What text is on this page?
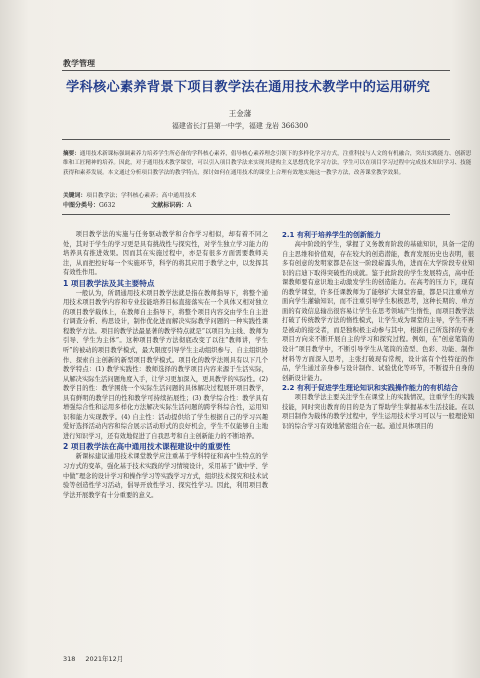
教学管理
学科核心素养背景下项目教学法在通用技术教学中的运用研究
王金藩
福建省长汀县第一中学，福建 龙岩 366300
摘要：通用技术新课标强调素养力培养学生所必备的学科核心素养，倡导核心素养理念引领下的多样化学习方式，注重科技与人文的有机融合，突出实践能力、创新思维和工匠精神的培养。因此，对于通用技术教学课堂，可以引入项目教学法来实现其建构主义思想优化学习方法，学生可以在项目学习过程中完成技术知识学习、技能获得和素养发展。本文通过分析项目教学法的教学特点，探讨如何在通用技术的课堂上合理有效地实施这一教学方法，改善课堂教学效果。
关键词：项目教学法；学科核心素养；高中通用技术
中图分类号：G632	文献标识码：A

项目教学法的实施与任务驱动教学和合作学习相似，却有着不同之处，其对于学生的学习更是具有挑战性与探究性，对学生独立学习能力的培养具有推进效果。因而其在实施过程中，亦是有很多方面需要教师关注，从而把控好每一个实施环节，科学的将其应用于教学之中，以发挥其有效性作用。

1 项目教学法及其主要特点

一般认为，所谓通用技术项目教学法就是指在教师指导下，将整个通用技术项目教学内容和专业技能培养目标直接落实在一个具体又相对独立的项目教学载体上，在教师自主指导下，将整个项目内容交由学生自主进行调查分析、构思设计，制作优化进而解决实际教学问题的一种实践性课程教学方法。项目的教学法最显著的教学特点就是“以项目为主线、教师为引导、学生为主体”。这种项目教学方法彻底改变了以往“教师讲，学生听”的被动的项目教学模式，最大限度引导学生主动组织参与、自主组织协作、探索自主创新的新型项目教学模式。项目化的教学法则具有以下几个教学特点：(1) 教学实践性：教师选择的教学项目内容来源于生活实际，从解决实际生活问题角度入手，让学习更加深入，更具教学的实际性。(2) 教学目的性：教学围绕一个实际生活问题的具体解决过程展开项目教学，具有鲜明的教学目的性和教学可持续拓展性；(3) 教学综合性：教学具有增强综合性和运用多样化方法解决实际生活问题的跨学科综合性，运用知识和能力实现教学。(4) 自主性：活动提供给了学生根据自己的学习兴趣爱好选择活动内容和综合展示活动形式的良好机会，学生不仅能够自主地进行知识学习，还有效地促进了自我思考和自主创新能力的不断培养。

2 项目教学法在高中通用技术课程建设中的重要性

新课标建议通用技术课堂教学应注重基于学科特征和高中生特点的学习方式的变革，强化基于技术实践的学习情境设计，采用基于“做中学、学中做”理念的设计学习和操作学习等实践学习方式，组织技术探究和技术试验等创造性学习活动，倡导开放性学习、探究性学习。因此，利用项目教学法开展教学有十分重要的意义。

2.1 有利于培养学生的创新能力

高中阶段的学生，掌握了义务教育阶段的基础知识，具备一定的自主思维和价值观，存在较大的创造潜能，教育发展历史也表明，很多有创意的发明家都是在这一阶段崭露头角，进而在大学阶段专业知识的启迪下取得突破性的成就。鉴于此阶段的学生发展特点，高中任课教师要有意识地主动激发学生的创造能力。在高考的压力下，现有的教学课堂，许多任课教师为了能够扩大课堂容量，都是只注重单方面向学生灌输知识，而不注重引导学生积极思考，这种长期的、单方面的有效信息输出很容易让学生在思考领域产生惰性，而项目教学法打破了传统教学方法的惰性模式，让学生成为课堂的主导，学生不再是被动的接受者，而是独积极主动参与其中，根据自己所选择的专业项目方向来不断开展自主的学习和探究过程。例如，在“创意笔筒的设计”项目教学中，不断引导学生从笔筒的造型、色彩、功能、制作材料等方面深入思考，主张打破现有常规，设计富有个性特征的作品，学生通过亲身参与设计制作、试验优化等环节，不断提升自身的创新设计能力。

2.2 有利于促进学生理论知识和实践操作能力的有机结合

项目教学法主要关注学生在课堂上的实践情况，注重学生的实践技能，同时突出教育的目的是为了帮助学生掌握基本生活技能。在以项目制作为载体的教学过程中，学生运用技术学习可以与一般理论知识的综合学习有效地紧密组合在一起。通过具体项目的

318 2021年12月
